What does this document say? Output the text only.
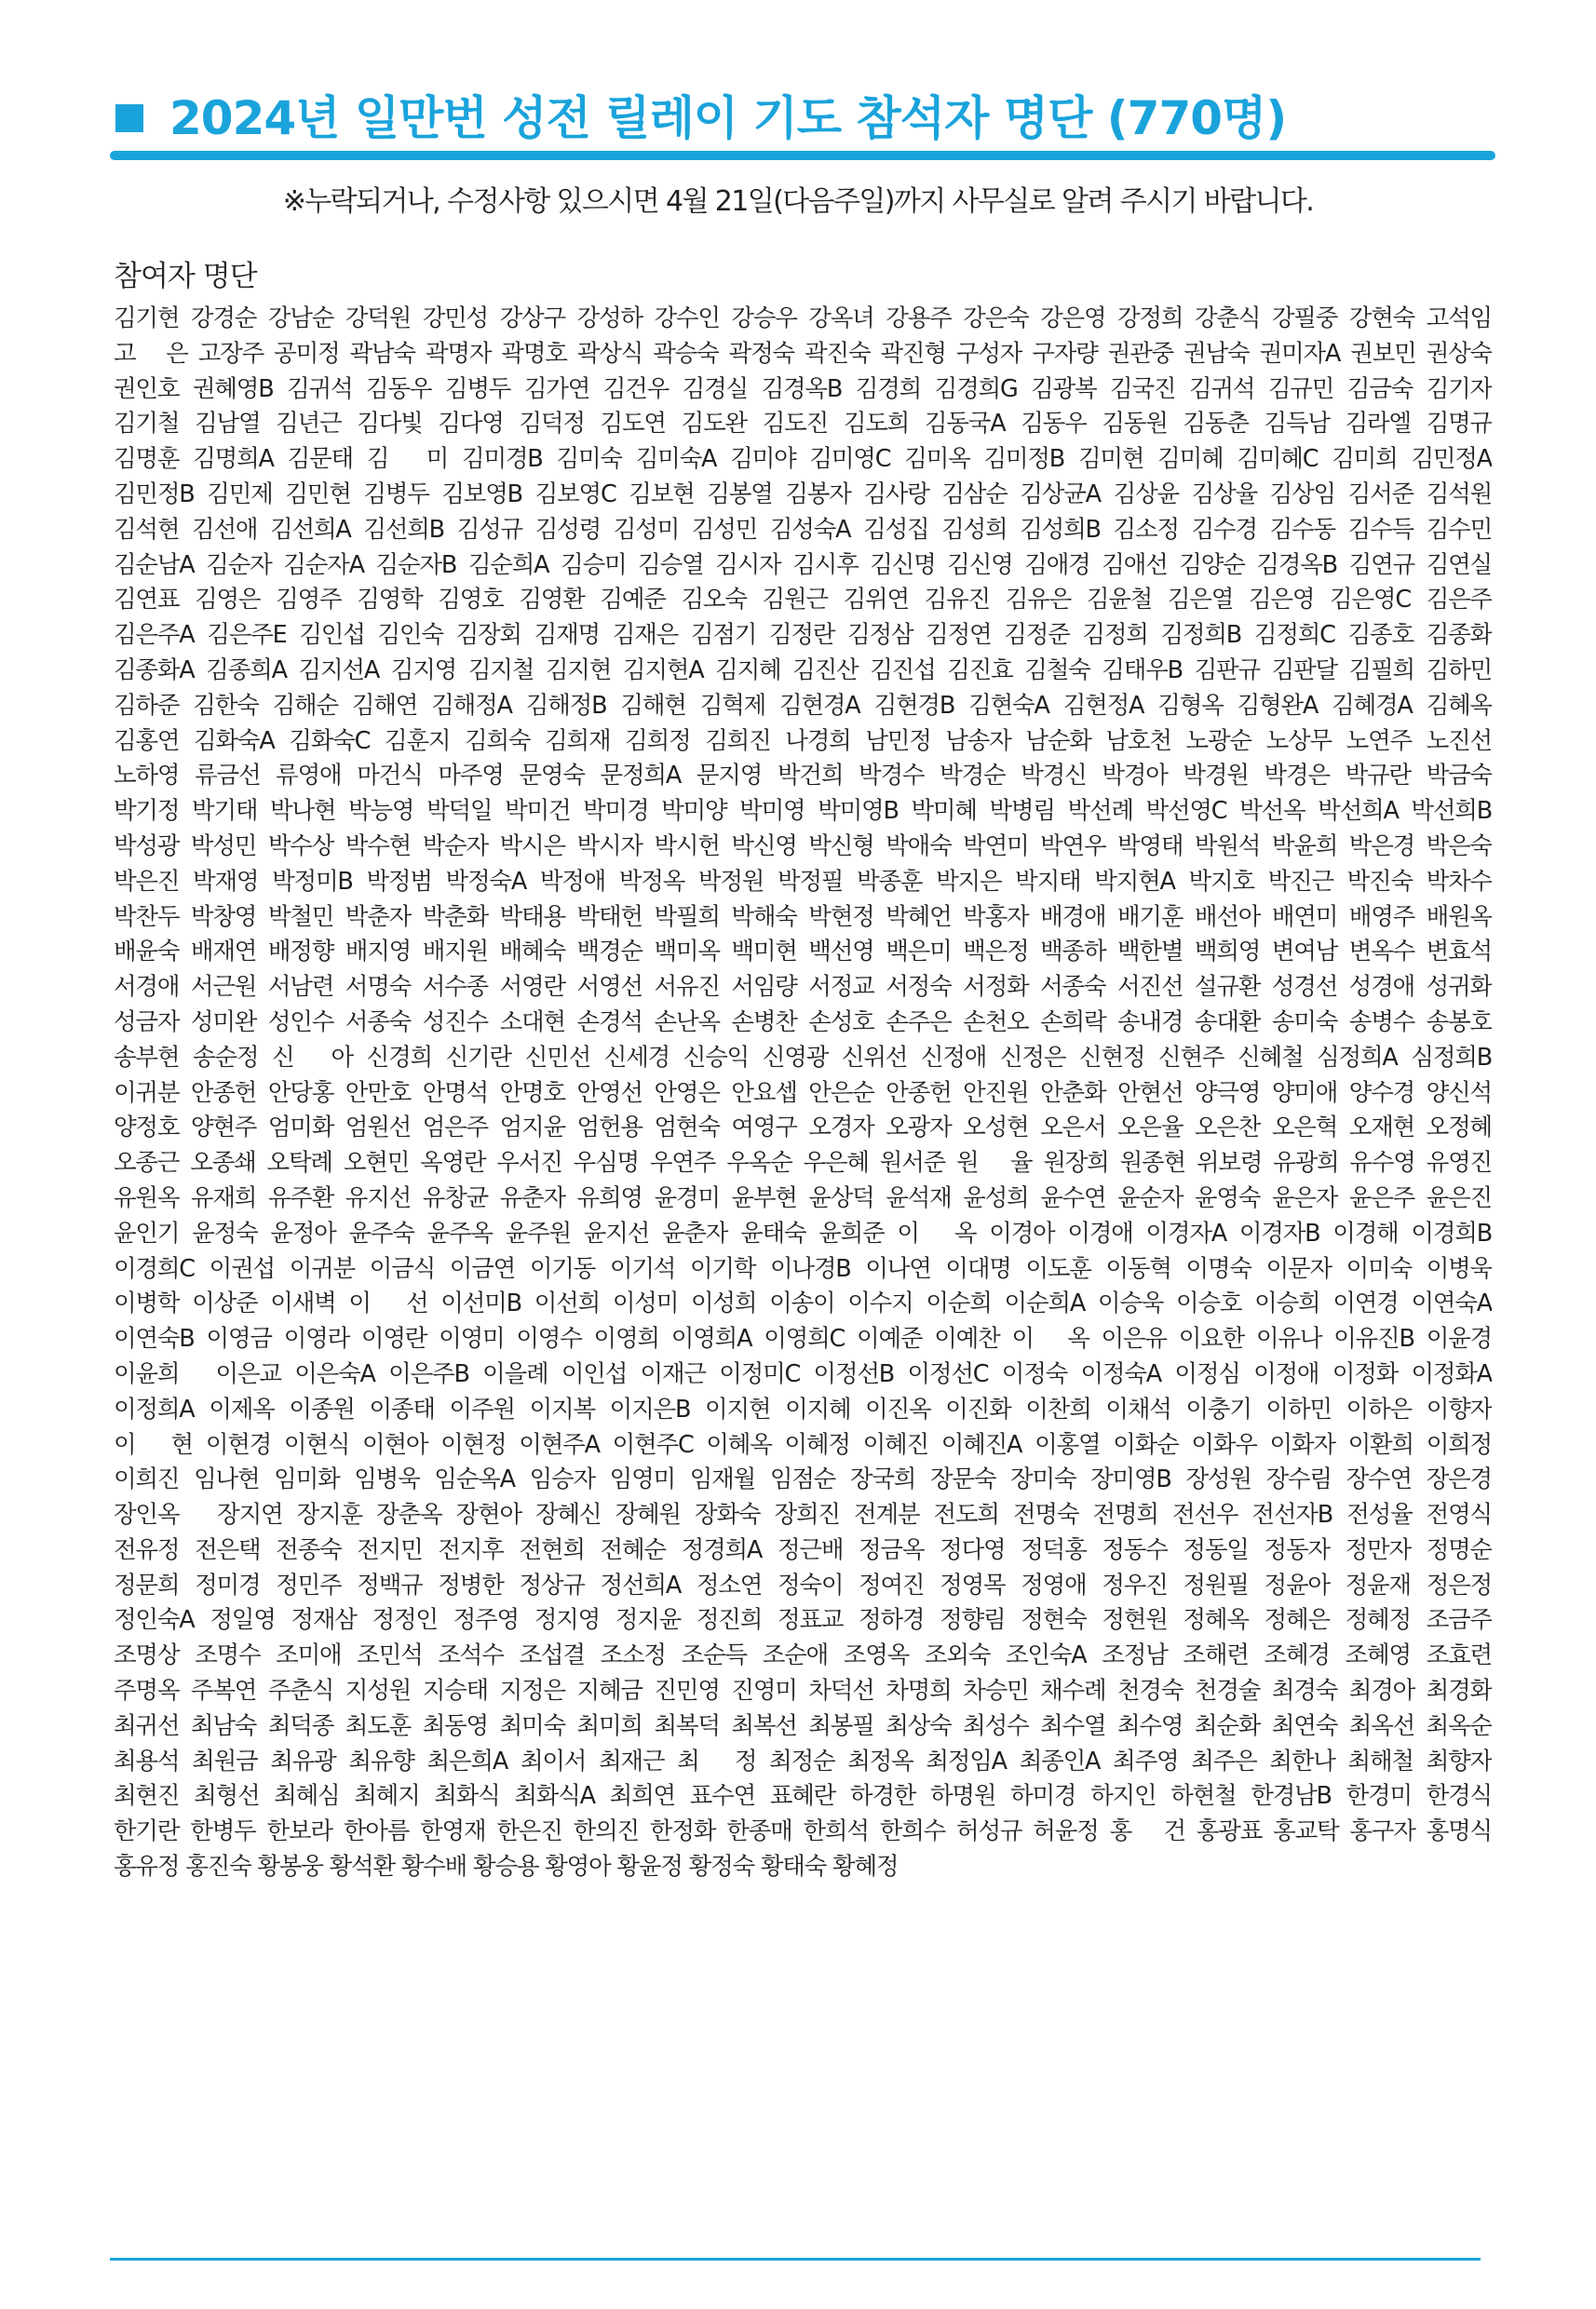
2024년 일만번 성전 릴레이 기도 참석자 명단 (770명)
※누락되거나, 수정사항 있으시면 4월 21일(다음주일)까지 사무실로 알려 주시기 바랍니다.
참여자 명단
김기현 강경순 강남순 강덕원 강민성 강상구 강성하 강수인 강승우 강옥녀 강용주 강은숙 강은영 강정희 강춘식 강필중 강현숙 고석임
고　은 고장주 공미정 곽남숙 곽명자 곽명호 곽상식 곽승숙 곽정숙 곽진숙 곽진형 구성자 구자량 권관중 권남숙 권미자A 권보민 권상숙
권인호 권혜영B 김귀석 김동우 김병두 김가연 김건우 김경실 김경옥B 김경희 김경희G 김광복 김국진 김귀석 김규민 김금숙 김기자
김기철 김남열 김년근 김다빛 김다영 김덕정 김도연 김도완 김도진 김도희 김동국A 김동우 김동원 김동춘 김득남 김라엘 김명규
김명훈 김명희A 김문태 김　미 김미경B 김미숙 김미숙A 김미야 김미영C 김미옥 김미정B 김미현 김미혜 김미혜C 김미희 김민정A
김민정B 김민제 김민현 김병두 김보영B 김보영C 김보현 김봉열 김봉자 김사랑 김삼순 김상균A 김상윤 김상율 김상임 김서준 김석원
김석현 김선애 김선희A 김선희B 김성규 김성령 김성미 김성민 김성숙A 김성집 김성희 김성희B 김소정 김수경 김수동 김수득 김수민
김순남A 김순자 김순자A 김순자B 김순희A 김승미 김승열 김시자 김시후 김신명 김신영 김애경 김애선 김양순 김경옥B 김연규 김연실
김연표 김영은 김영주 김영학 김영호 김영환 김예준 김오숙 김원근 김위연 김유진 김유은 김윤철 김은열 김은영 김은영C 김은주
김은주A 김은주E 김인섭 김인숙 김장회 김재명 김재은 김점기 김정란 김정삼 김정연 김정준 김정희 김정희B 김정희C 김종호 김종화
김종화A 김종희A 김지선A 김지영 김지철 김지현 김지현A 김지혜 김진산 김진섭 김진효 김철숙 김태우B 김판규 김판달 김필희 김하민
김하준 김한숙 김해순 김해연 김해정A 김해정B 김해현 김혁제 김현경A 김현경B 김현숙A 김현정A 김형옥 김형완A 김혜경A 김혜옥
김홍연 김화숙A 김화숙C 김훈지 김희숙 김희재 김희정 김희진 나경희 남민정 남송자 남순화 남호천 노광순 노상무 노연주 노진선
노하영 류금선 류영애 마건식 마주영 문영숙 문정희A 문지영 박건희 박경수 박경순 박경신 박경아 박경원 박경은 박규란 박금숙
박기정 박기태 박나현 박능영 박덕일 박미건 박미경 박미양 박미영 박미영B 박미혜 박병림 박선례 박선영C 박선옥 박선희A 박선희B
박성광 박성민 박수상 박수현 박순자 박시은 박시자 박시헌 박신영 박신형 박애숙 박연미 박연우 박영태 박원석 박윤희 박은경 박은숙
박은진 박재영 박정미B 박정범 박정숙A 박정애 박정옥 박정원 박정필 박종훈 박지은 박지태 박지현A 박지호 박진근 박진숙 박차수
박찬두 박창영 박철민 박춘자 박춘화 박태용 박태헌 박필희 박해숙 박현정 박혜언 박홍자 배경애 배기훈 배선아 배연미 배영주 배원옥
배윤숙 배재연 배정향 배지영 배지원 배혜숙 백경순 백미옥 백미현 백선영 백은미 백은정 백종하 백한별 백희영 변여남 변옥수 변효석
서경애 서근원 서남련 서명숙 서수종 서영란 서영선 서유진 서임량 서정교 서정숙 서정화 서종숙 서진선 설규환 성경선 성경애 성귀화
성금자 성미완 성인수 서종숙 성진수 소대현 손경석 손난옥 손병찬 손성호 손주은 손천오 손희락 송내경 송대환 송미숙 송병수 송봉호
송부현 송순정 신　아 신경희 신기란 신민선 신세경 신승익 신영광 신위선 신정애 신정은 신현정 신현주 신혜철 심정희A 심정희B
이귀분 안종헌 안당홍 안만호 안명석 안명호 안영선 안영은 안요셉 안은순 안종헌 안진원 안춘화 안현선 양극영 양미애 양수경 양신석
양정호 양현주 엄미화 엄원선 엄은주 엄지윤 엄헌용 엄현숙 여영구 오경자 오광자 오성현 오은서 오은율 오은찬 오은혁 오재현 오정혜
오종근 오종쇄 오탁례 오현민 옥영란 우서진 우심명 우연주 우옥순 우은혜 원서준 원　율 원장희 원종현 위보령 유광희 유수영 유영진
유원옥 유재희 유주환 유지선 유창균 유춘자 유희영 윤경미 윤부현 윤상덕 윤석재 윤성희 윤수연 윤순자 윤영숙 윤은자 윤은주 윤은진
윤인기 윤정숙 윤정아 윤주숙 윤주옥 윤주원 윤지선 윤춘자 윤태숙 윤희준 이　옥 이경아 이경애 이경자A 이경자B 이경해 이경희B
이경희C 이권섭 이귀분 이금식 이금연 이기동 이기석 이기학 이나경B 이나연 이대명 이도훈 이동혁 이명숙 이문자 이미숙 이병욱
이병학 이상준 이새벽 이　선 이선미B 이선희 이성미 이성희 이송이 이수지 이순희 이순희A 이승욱 이승호 이승희 이연경 이연숙A
이연숙B 이영금 이영라 이영란 이영미 이영수 이영희 이영희A 이영희C 이예준 이예찬 이　옥 이은유 이요한 이유나 이유진B 이윤경
이윤희　이은교 이은숙A 이은주B 이을례 이인섭 이재근 이정미C 이정선B 이정선C 이정숙 이정숙A 이정심 이정애 이정화 이정화A
이정희A 이제옥 이종원 이종태 이주원 이지복 이지은B 이지현 이지혜 이진옥 이진화 이찬희 이채석 이충기 이하민 이하은 이향자
이　현 이현경 이현식 이현아 이현정 이현주A 이현주C 이혜옥 이혜정 이혜진 이혜진A 이홍열 이화순 이화우 이화자 이환희 이희정
이희진 임나현 임미화 임병욱 임순옥A 임승자 임영미 임재월 임점순 장국희 장문숙 장미숙 장미영B 장성원 장수림 장수연 장은경
장인옥　장지연 장지훈 장춘옥 장현아 장혜신 장혜원 장화숙 장희진 전계분 전도희 전명숙 전명희 전선우 전선자B 전성율 전영식
전유정 전은택 전종숙 전지민 전지후 전현희 전혜순 정경희A 정근배 정금옥 정다영 정덕홍 정동수 정동일 정동자 정만자 정명순
정문희 정미경 정민주 정백규 정병한 정상규 정선희A 정소연 정숙이 정여진 정영목 정영애 정우진 정원필 정윤아 정윤재 정은정
정인숙A 정일영 정재삼 정정인 정주영 정지영 정지윤 정진희 정표교 정하경 정향림 정현숙 정현원 정혜옥 정혜은 정혜정 조금주
조명상 조명수 조미애 조민석 조석수 조섭결 조소정 조순득 조순애 조영옥 조외숙 조인숙A 조정남 조해련 조혜경 조혜영 조효련
주명옥 주복연 주춘식 지성원 지승태 지정은 지혜금 진민영 진영미 차덕선 차명희 차승민 채수례 천경숙 천경술 최경숙 최경아 최경화
최귀선 최남숙 최덕종 최도훈 최동영 최미숙 최미희 최복덕 최복선 최봉필 최상숙 최성수 최수열 최수영 최순화 최연숙 최옥선 최옥순
최용석 최원금 최유광 최유향 최은희A 최이서 최재근 최　정 최정순 최정옥 최정임A 최종인A 최주영 최주은 최한나 최해철 최향자
최현진 최형선 최혜심 최혜지 최화식 최화식A 최희연 표수연 표혜란 하경한 하명원 하미경 하지인 하현철 한경남B 한경미 한경식
한기란 한병두 한보라 한아름 한영재 한은진 한의진 한정화 한종매 한희석 한희수 허성규 허윤정 홍　건 홍광표 홍교탁 홍구자 홍명식
홍유정 홍진숙 황봉웅 황석환 황수배 황승용 황영아 황윤정 황정숙 황태숙 황혜정
